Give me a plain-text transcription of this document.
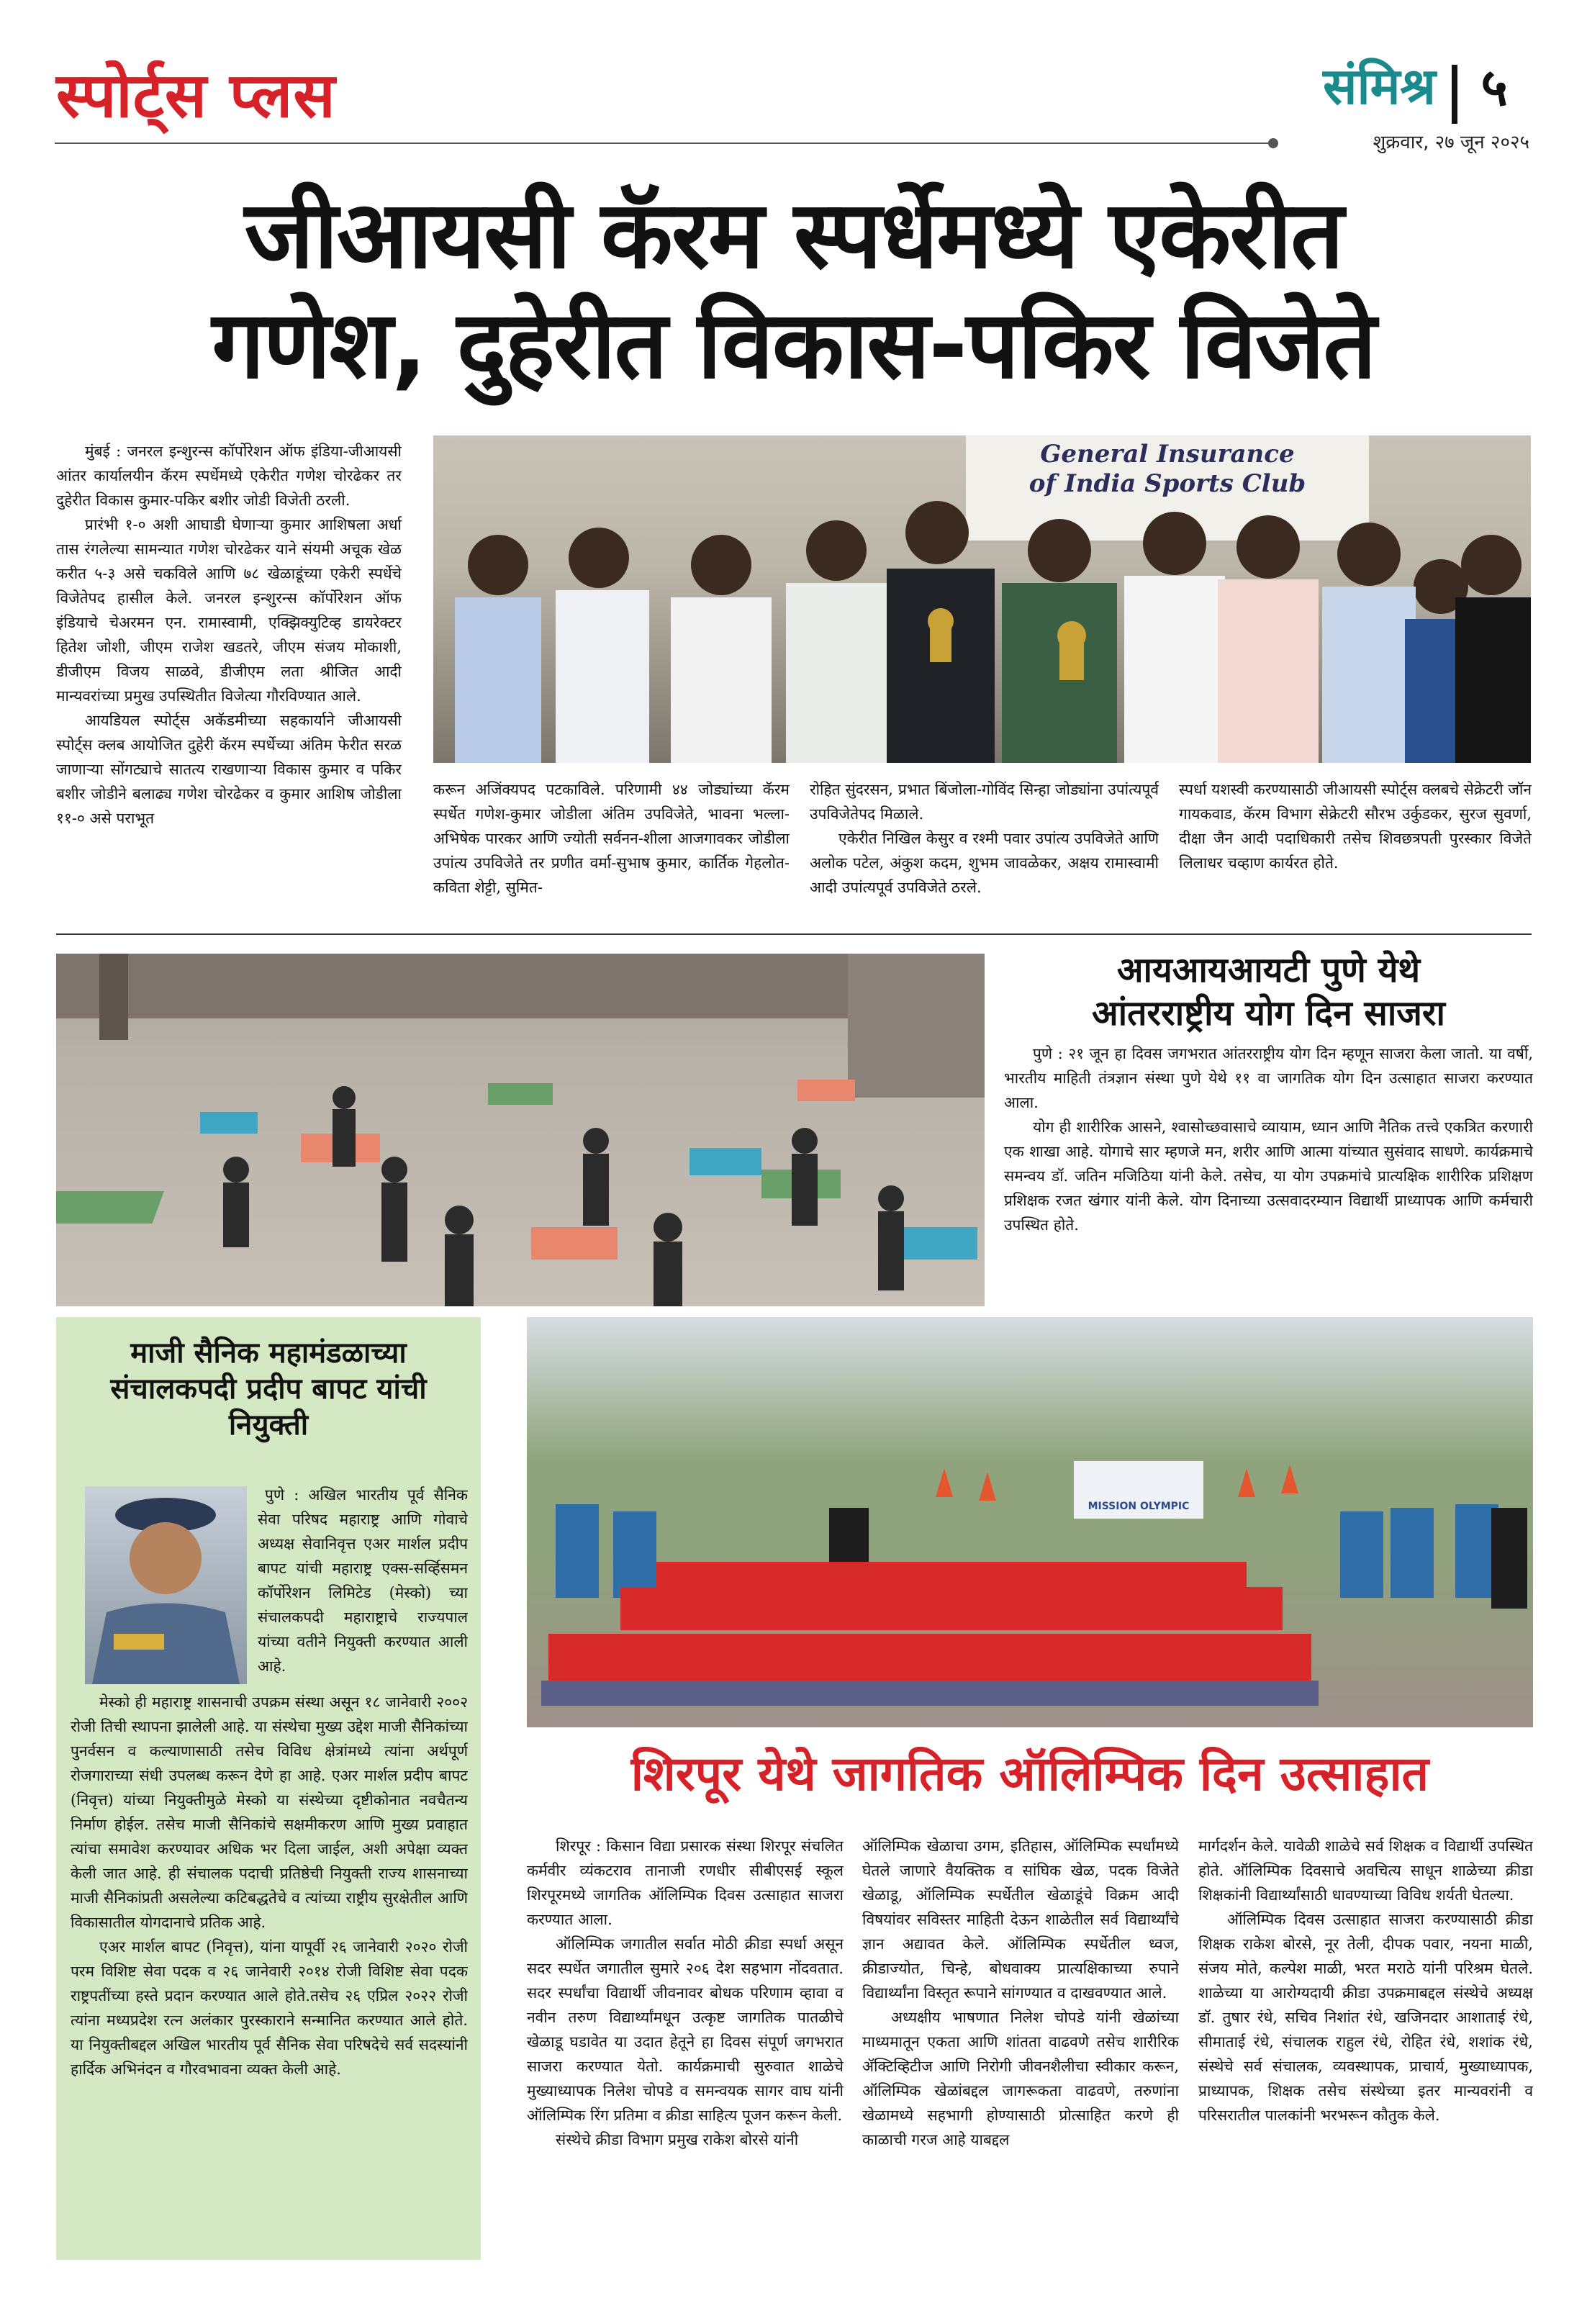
स्पोर्ट्स प्लस	संमिश्र ५
शुक्रवार, २७ जून २०२५
जीआयसी कॅरम स्पर्धेमध्ये एकेरीत
गणेश, दुहेरीत विकास-पकिर विजेते

मुंबई : जनरल इन्शुरन्स कॉर्पोरेशन ऑफ इंडिया-जीआयसी आंतर कार्यालयीन कॅरम स्पर्धेमध्ये एकेरीत गणेश चोरढेकर तर दुहेरीत विकास कुमार-पकिर बशीर जोडी विजेती ठरली.

प्रारंभी १-० अशी आघाडी घेणाऱ्या कुमार आशिषला अर्धा तास रंगलेल्या सामन्यात गणेश चोरढेकर याने संयमी अचूक खेळ करीत ५-३ असे चकविले आणि ७८ खेळाडूंच्या एकेरी स्पर्धेचे विजेतेपद हासील केले. जनरल इन्शुरन्स कॉर्पोरेशन ऑफ इंडियाचे चेअरमन एन. रामास्वामी, एक्झिक्युटिव्ह डायरेक्टर हितेश जोशी, जीएम राजेश खडतरे, जीएम संजय मोकाशी, डीजीएम विजय साळवे, डीजीएम लता श्रीजित आदी मान्यवरांच्या प्रमुख उपस्थितीत विजेत्या गौरविण्यात आले.

आयडियल स्पोर्ट्स अकॅडमीच्या सहकार्याने जीआयसी स्पोर्ट्स क्लब आयोजित दुहेरी कॅरम स्पर्धेच्या अंतिम फेरीत सरळ जाणाऱ्या सोंगट्याचे सातत्य राखणाऱ्या विकास कुमार व पकिर बशीर जोडीने बलाढ्य गणेश चोरढेकर व कुमार आशिष जोडीला ११-० असे पराभूत

General Insurance
of India Sports Club

करून अजिंक्यपद पटकाविले. परिणामी ४४ जोड्यांच्या कॅरम स्पर्धेत गणेश-कुमार जोडीला अंतिम उपविजेते, भावना भल्ला-अभिषेक पारकर आणि ज्योती सर्वनन-शीला आजगावकर जोडीला उपांत्य उपविजेते तर प्रणीत वर्मा-सुभाष कुमार, कार्तिक गेहलोत-कविता शेट्टी, सुमित-

रोहित सुंदरसन, प्रभात बिंजोला-गोविंद सिन्हा जोड्यांना उपांत्यपूर्व उपविजेतेपद मिळाले.

एकेरीत निखिल केसुर व रश्मी पवार उपांत्य उपविजेते आणि अलोक पटेल, अंकुश कदम, शुभम जावळेकर, अक्षय रामास्वामी आदी उपांत्यपूर्व उपविजेते ठरले.

स्पर्धा यशस्वी करण्यासाठी जीआयसी स्पोर्ट्स क्लबचे सेक्रेटरी जॉन गायकवाड, कॅरम विभाग सेक्रेटरी सौरभ उर्कुडकर, सुरज सुवर्णा, दीक्षा जैन आदी पदाधिकारी तसेच शिवछत्रपती पुरस्कार विजेते लिलाधर चव्हाण कार्यरत होते.

आयआयआयटी पुणे येथे
आंतरराष्ट्रीय योग दिन साजरा

पुणे : २१ जून हा दिवस जगभरात आंतरराष्ट्रीय योग दिन म्हणून साजरा केला जातो. या वर्षी, भारतीय माहिती तंत्रज्ञान संस्था पुणे येथे ११ वा जागतिक योग दिन उत्साहात साजरा करण्यात आला.

योग ही शारीरिक आसने, श्वासोच्छवासाचे व्यायाम, ध्यान आणि नैतिक तत्त्वे एकत्रित करणारी एक शाखा आहे. योगाचे सार म्हणजे मन, शरीर आणि आत्मा यांच्यात सुसंवाद साधणे. कार्यक्रमाचे समन्वय डॉ. जतिन मजिठिया यांनी केले. तसेच, या योग उपक्रमांचे प्रात्यक्षिक शारीरिक प्रशिक्षण प्रशिक्षक रजत खंगार यांनी केले. योग दिनाच्या उत्सवादरम्यान विद्यार्थी प्राध्यापक आणि कर्मचारी उपस्थित होते.

माजी सैनिक महामंडळाच्या संचालकपदी प्रदीप बापट यांची नियुक्ती

पुणे : अखिल भारतीय पूर्व सैनिक सेवा परिषद महाराष्ट्र आणि गोवाचे अध्यक्ष सेवानिवृत्त एअर मार्शल प्रदीप बापट यांची महाराष्ट्र एक्स-सर्व्हिसमन कॉर्पोरेशन लिमिटेड (मेस्को) च्या संचालकपदी महाराष्ट्राचे राज्यपाल यांच्या वतीने नियुक्ती करण्यात आली आहे.

मेस्को ही महाराष्ट्र शासनाची उपक्रम संस्था असून १८ जानेवारी २००२ रोजी तिची स्थापना झालेली आहे. या संस्थेचा मुख्य उद्देश माजी सैनिकांच्या पुनर्वसन व कल्याणासाठी तसेच विविध क्षेत्रांमध्ये त्यांना अर्थपूर्ण रोजगाराच्या संधी उपलब्ध करून देणे हा आहे. एअर मार्शल प्रदीप बापट (निवृत्त) यांच्या नियुक्तीमुळे मेस्को या संस्थेच्या दृष्टीकोनात नवचैतन्य निर्माण होईल. तसेच माजी सैनिकांचे सक्षमीकरण आणि मुख्य प्रवाहात त्यांचा समावेश करण्यावर अधिक भर दिला जाईल, अशी अपेक्षा व्यक्त केली जात आहे. ही संचालक पदाची प्रतिष्ठेची नियुक्ती राज्य शासनाच्या माजी सैनिकांप्रती असलेल्या कटिबद्धतेचे व त्यांच्या राष्ट्रीय सुरक्षेतील आणि विकासातील योगदानाचे प्रतिक आहे.

एअर मार्शल बापट (निवृत्त), यांना यापूर्वी २६ जानेवारी २०२० रोजी परम विशिष्ट सेवा पदक व २६ जानेवारी २०१४ रोजी विशिष्ट सेवा पदक राष्ट्रपतींच्या हस्ते प्रदान करण्यात आले होते.तसेच २६ एप्रिल २०२२ रोजी त्यांना मध्यप्रदेश रत्न अलंकार पुरस्काराने सन्मानित करण्यात आले होते. या नियुक्तीबद्दल अखिल भारतीय पूर्व सैनिक सेवा परिषदेचे सर्व सदस्यांनी हार्दिक अभिनंदन व गौरवभावना व्यक्त केली आहे.

MISSION OLYMPIC
शिरपूर येथे जागतिक ऑलिम्पिक दिन उत्साहात

शिरपूर : किसान विद्या प्रसारक संस्था शिरपूर संचलित कर्मवीर व्यंकटराव तानाजी रणधीर सीबीएसई स्कूल शिरपूरमध्ये जागतिक ऑलिम्पिक दिवस उत्साहात साजरा करण्यात आला.

ऑलिम्पिक जगातील सर्वात मोठी क्रीडा स्पर्धा असून सदर स्पर्धेत जगातील सुमारे २०६ देश सहभाग नोंदवतात. सदर स्पर्धांचा विद्यार्थी जीवनावर बोधक परिणाम व्हावा व नवीन तरुण विद्यार्थ्यांमधून उत्कृष्ट जागतिक पातळीचे खेळाडू घडावेत या उदात हेतूने हा दिवस संपूर्ण जगभरात साजरा करण्यात येतो. कार्यक्रमाची सुरुवात शाळेचे मुख्याध्यापक निलेश चोपडे व समन्वयक सागर वाघ यांनी ऑलिम्पिक रिंग प्रतिमा व क्रीडा साहित्य पूजन करून केली.

संस्थेचे क्रीडा विभाग प्रमुख राकेश बोरसे यांनी

ऑलिम्पिक खेळाचा उगम, इतिहास, ऑलिम्पिक स्पर्धांमध्ये घेतले जाणारे वैयक्तिक व सांघिक खेळ, पदक विजेते खेळाडू, ऑलिम्पिक स्पर्धेतील खेळाडूंचे विक्रम आदी विषयांवर सविस्तर माहिती देऊन शाळेतील सर्व विद्यार्थ्यांचे ज्ञान अद्यावत केले. ऑलिम्पिक स्पर्धेतील ध्वज, क्रीडाज्योत, चिन्हे, बोधवाक्य प्रात्यक्षिकाच्या रुपाने विद्यार्थ्यांना विस्तृत रूपाने सांगण्यात व दाखवण्यात आले.

अध्यक्षीय भाषणात निलेश चोपडे यांनी खेळांच्या माध्यमातून एकता आणि शांतता वाढवणे तसेच शारीरिक ॲक्टिव्हिटीज आणि निरोगी जीवनशैलीचा स्वीकार करून, ऑलिम्पिक खेळांबद्दल जागरूकता वाढवणे, तरुणांना खेळामध्ये सहभागी होण्यासाठी प्रोत्साहित करणे ही काळाची गरज आहे याबद्दल

मार्गदर्शन केले. यावेळी शाळेचे सर्व शिक्षक व विद्यार्थी उपस्थित होते. ऑलिम्पिक दिवसाचे अवचित्य साधून शाळेच्या क्रीडा शिक्षकांनी विद्यार्थ्यांसाठी धावण्याच्या विविध शर्यती घेतल्या.

ऑलिम्पिक दिवस उत्साहात साजरा करण्यासाठी क्रीडा शिक्षक राकेश बोरसे, नूर तेली, दीपक पवार, नयना माळी, संजय मोते, कल्पेश माळी, भरत मराठे यांनी परिश्रम घेतले. शाळेच्या या आरोग्यदायी क्रीडा उपक्रमाबद्दल संस्थेचे अध्यक्ष डॉ. तुषार रंधे, सचिव निशांत रंधे, खजिनदार आशाताई रंधे, सीमाताई रंधे, संचालक राहुल रंधे, रोहित रंधे, शशांक रंधे, संस्थेचे सर्व संचालक, व्यवस्थापक, प्राचार्य, मुख्याध्यापक, प्राध्यापक, शिक्षक तसेच संस्थेच्या इतर मान्यवरांनी व परिसरातील पालकांनी भरभरून कौतुक केले.
